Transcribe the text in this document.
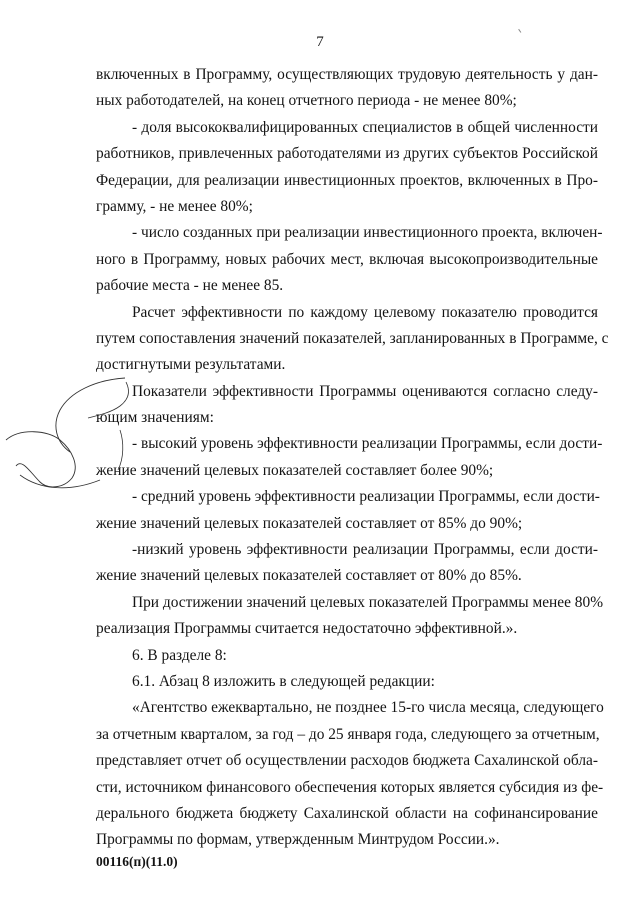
7
включенных в Программу, осуществляющих трудовую деятельность у дан-
ных работодателей, на конец отчетного периода - не менее 80%;
- доля высококвалифицированных специалистов в общей численности
работников, привлеченных работодателями из других субъектов Российской
Федерации, для реализации инвестиционных проектов, включенных в Про-
грамму, - не менее 80%;
- число созданных при реализации инвестиционного проекта, включен-
ного в Программу, новых рабочих мест, включая высокопроизводительные
рабочие места - не менее 85.
Расчет эффективности по каждому целевому показателю проводится
путем сопоставления значений показателей, запланированных в Программе, с
достигнутыми результатами.
Показатели эффективности Программы оцениваются согласно следу-
ющим значениям:
- высокий уровень эффективности реализации Программы, если дости-
жение значений целевых показателей составляет более 90%;
- средний уровень эффективности реализации Программы, если дости-
жение значений целевых показателей составляет от 85% до 90%;
-низкий уровень эффективности реализации Программы, если дости-
жение значений целевых показателей составляет от 80% до 85%.
При достижении значений целевых показателей Программы менее 80%
реализация Программы считается недостаточно эффективной.».
6. В разделе 8:
6.1. Абзац 8 изложить в следующей редакции:
«Агентство ежеквартально, не позднее 15-го числа месяца, следующего
за отчетным кварталом, за год – до 25 января года, следующего за отчетным,
представляет отчет об осуществлении расходов бюджета Сахалинской обла-
сти, источником финансового обеспечения которых является субсидия из фе-
дерального бюджета бюджету Сахалинской области на софинансирование
Программы по формам, утвержденным Минтрудом России.».
00116(п)(11.0)
